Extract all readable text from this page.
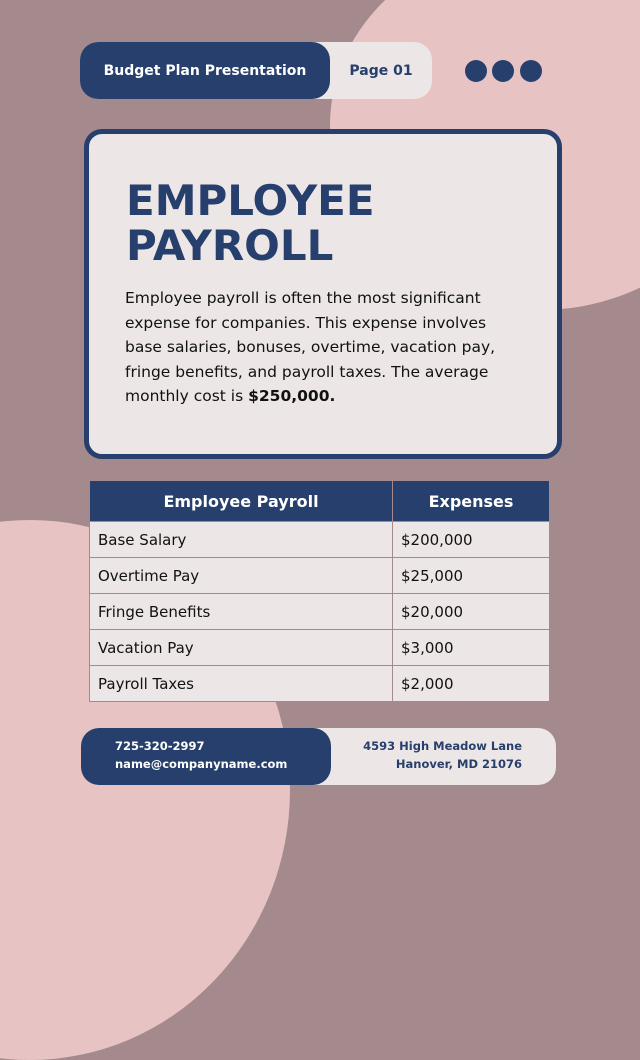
Budget Plan Presentation	Page 01
EMPLOYEE
PAYROLL

Employee payroll is often the most significant expense for companies. This expense involves base salaries, bonuses, overtime, vacation pay, fringe benefits, and payroll taxes. The average monthly cost is $250,000.

Employee Payroll	Expenses
Base Salary	$200,000
Overtime Pay	$25,000
Fringe Benefits	$20,000
Vacation Pay	$3,000
Payroll Taxes	$2,000
725-320-2997
name@companyname.com
4593 High Meadow Lane
Hanover, MD 21076
